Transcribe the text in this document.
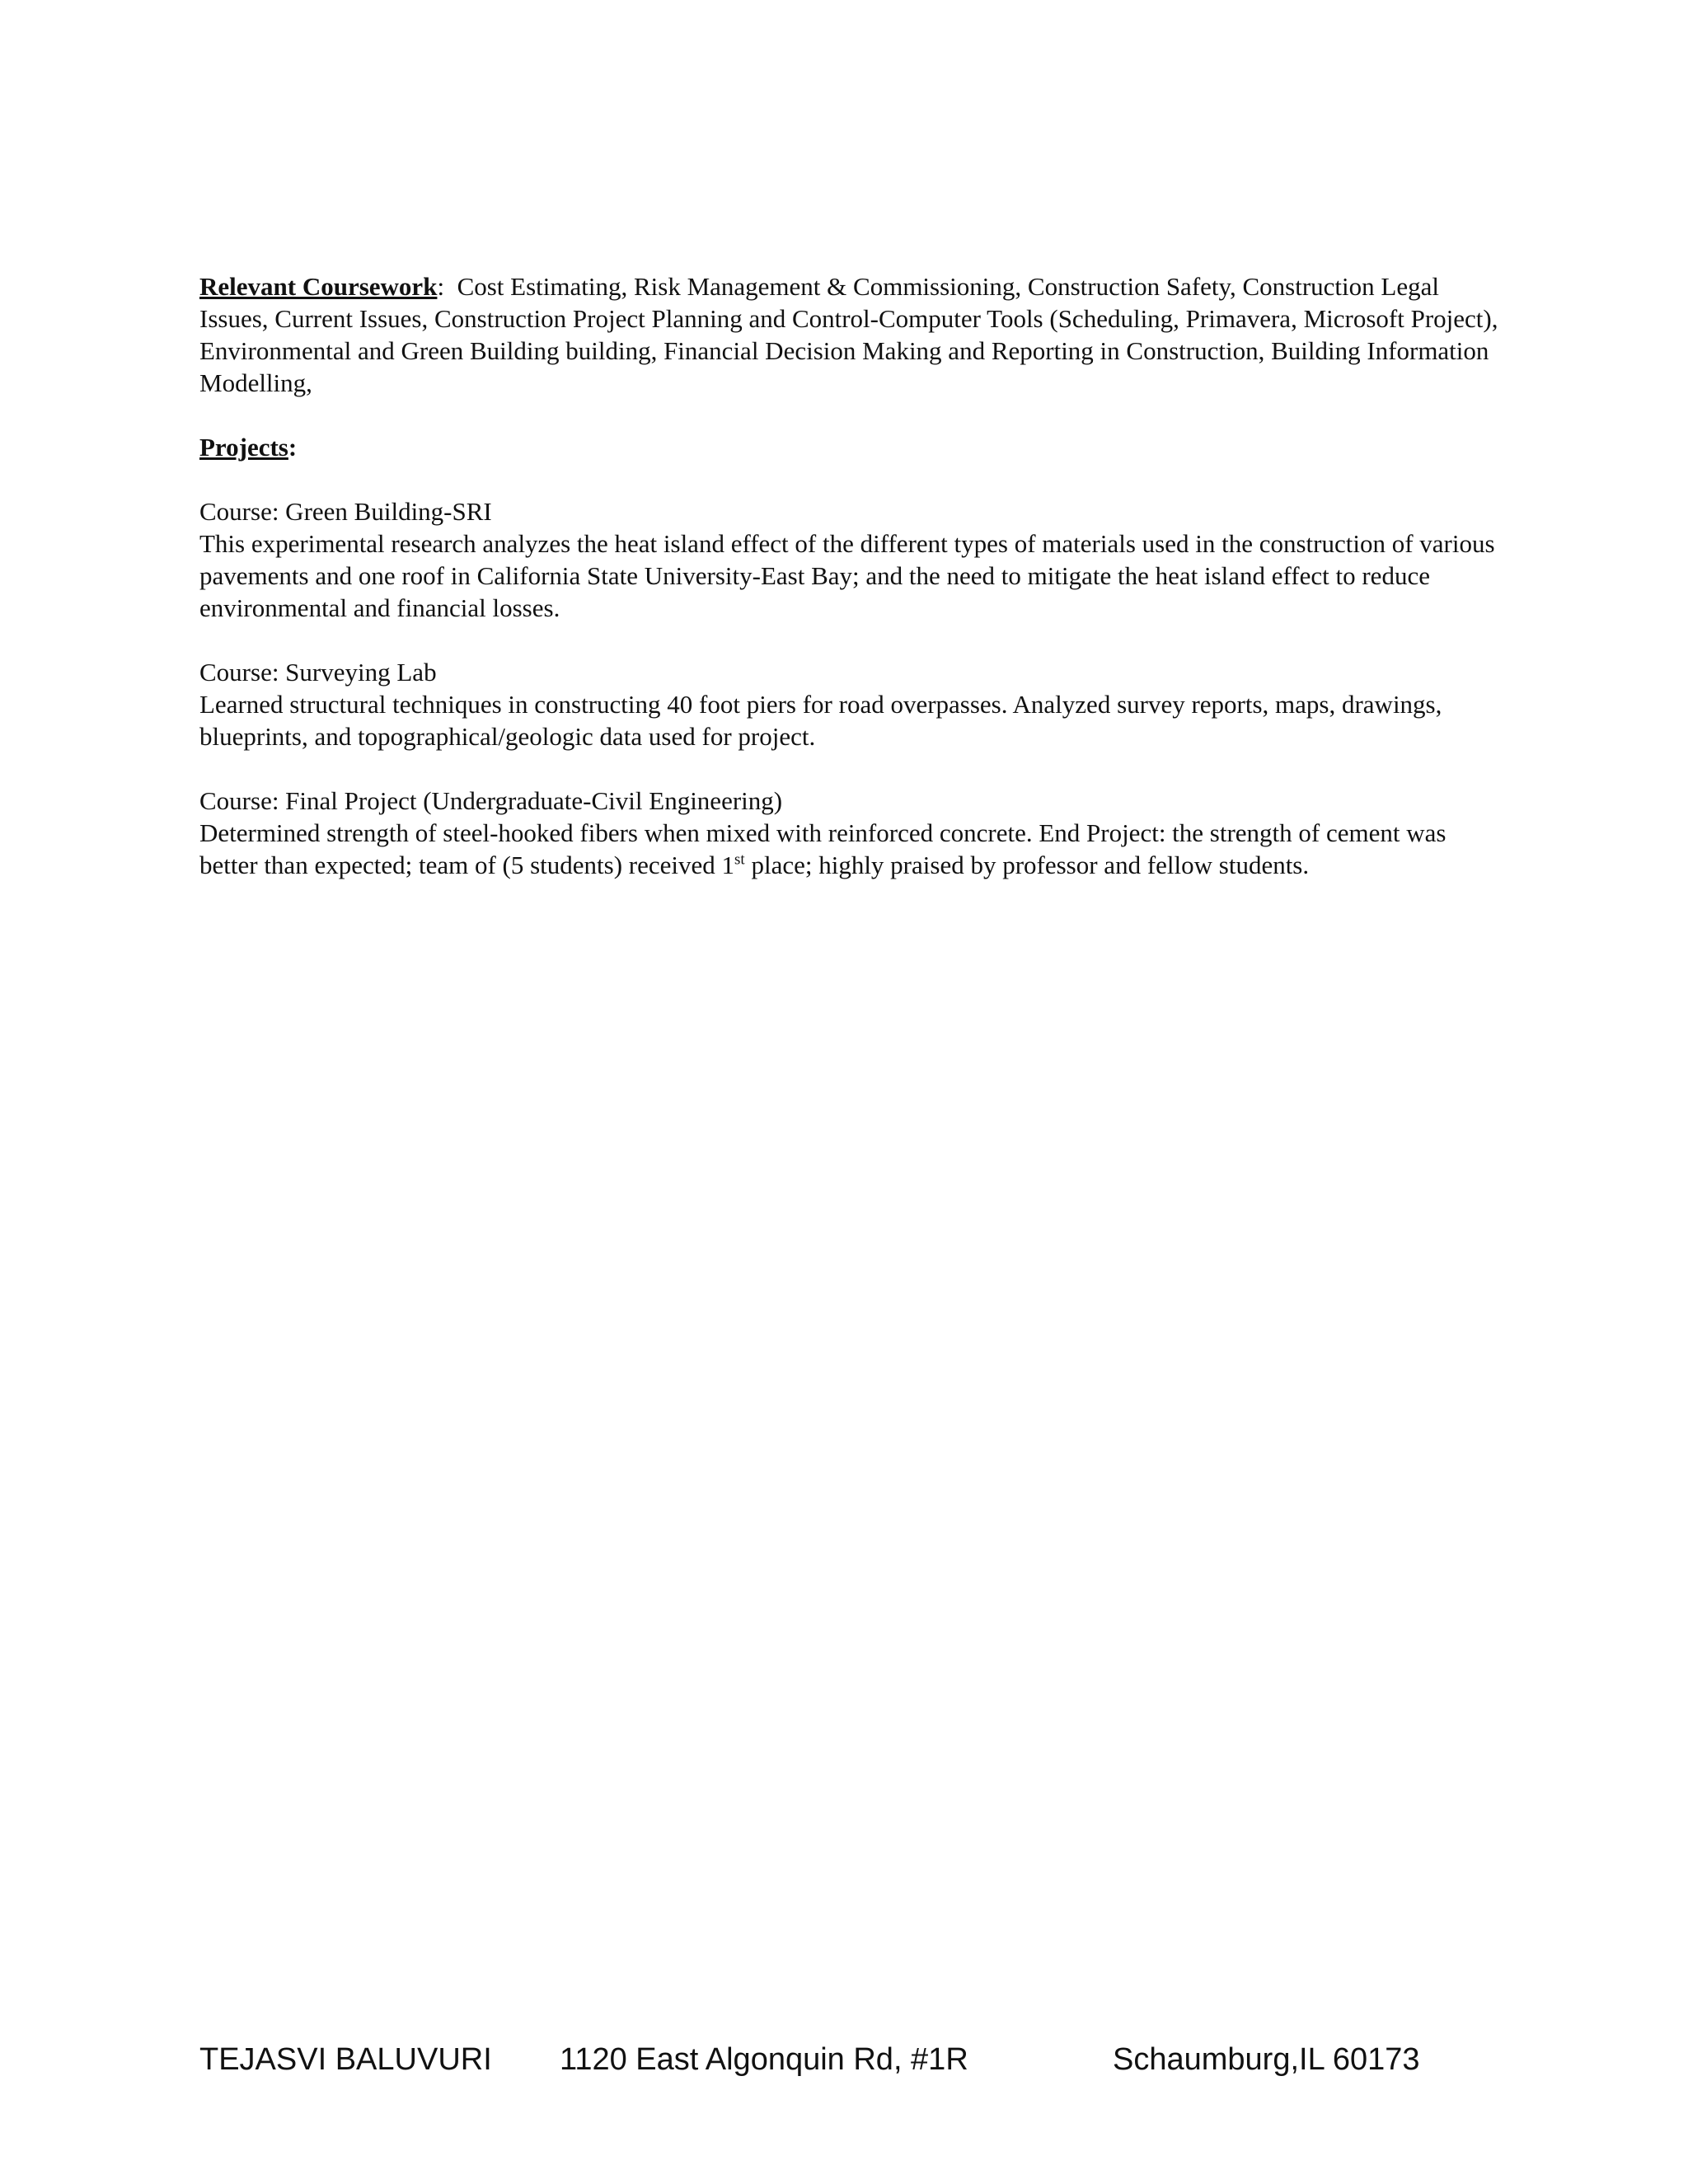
Relevant Coursework: Cost Estimating, Risk Management & Commissioning, Construction Safety, Construction Legal Issues, Current Issues, Construction Project Planning and Control-Computer Tools (Scheduling, Primavera, Microsoft Project), Environmental and Green Building building, Financial Decision Making and Reporting in Construction, Building Information Modelling,

Projects:

Course: Green Building-SRI

This experimental research analyzes the heat island effect of the different types of materials used in the construction of various pavements and one roof in California State University-East Bay; and the need to mitigate the heat island effect to reduce environmental and financial losses.

Course: Surveying Lab

Learned structural techniques in constructing 40 foot piers for road overpasses. Analyzed survey reports, maps, drawings, blueprints, and topographical/geologic data used for project.

Course: Final Project (Undergraduate-Civil Engineering)

Determined strength of steel-hooked fibers when mixed with reinforced concrete. End Project: the strength of cement was better than expected; team of (5 students) received 1st place; highly praised by professor and fellow students.

TEJASVI BALUVURI 1120 East Algonquin Rd, #1R	Schaumburg,IL 60173
